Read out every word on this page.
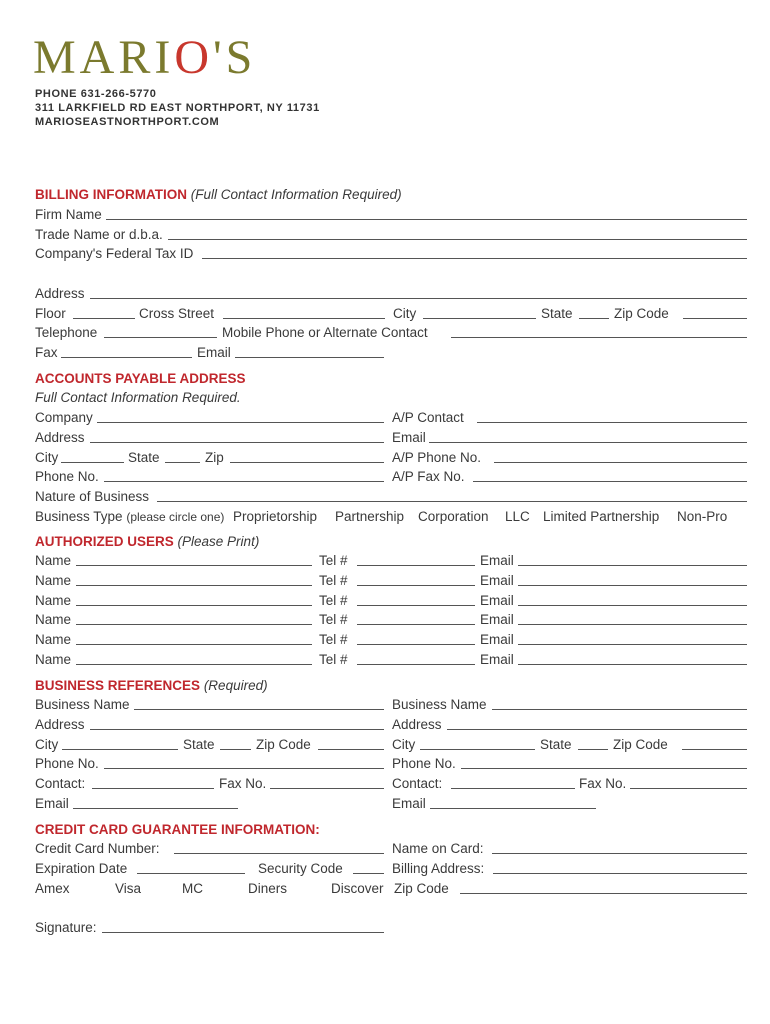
MARIO'S
PHONE 631-266-5770
311 LARKFIELD RD EAST NORTHPORT, NY 11731
MARIOSEASTNORTHPORT.COM
BILLING INFORMATION (Full Contact Information Required)
Firm Name
Trade Name or d.b.a.
Company's Federal Tax ID
Address
Floor	Cross Street	City	State	Zip Code
Telephone	Mobile Phone or Alternate Contact
Fax	Email
ACCOUNTS PAYABLE ADDRESS
Full Contact Information Required.
Company	A/P Contact
Address	Email
City	State	Zip	A/P Phone No.
Phone No.	A/P Fax No.
Nature of Business
Business Type (please circle one) Proprietorship Partnership Corporation LLC Limited Partnership Non-Pro
AUTHORIZED USERS (Please Print)
Name	Tel #	Email
Name	Tel #	Email
Name	Tel #	Email
Name	Tel #	Email
Name	Tel #	Email
Name	Tel #	Email
BUSINESS REFERENCES (Required)
Business Name	Business Name
Address	Address
City	State	Zip Code	City	State	Zip Code
Phone No.	Phone No.
Contact:	Fax No.	Contact:	Fax No.
Email	Email
CREDIT CARD GUARANTEE INFORMATION:
Credit Card Number:	Name on Card:
Expiration Date	Security Code	Billing Address:
Amex	Visa	MC	Diners	Discover Zip Code
Signature:
